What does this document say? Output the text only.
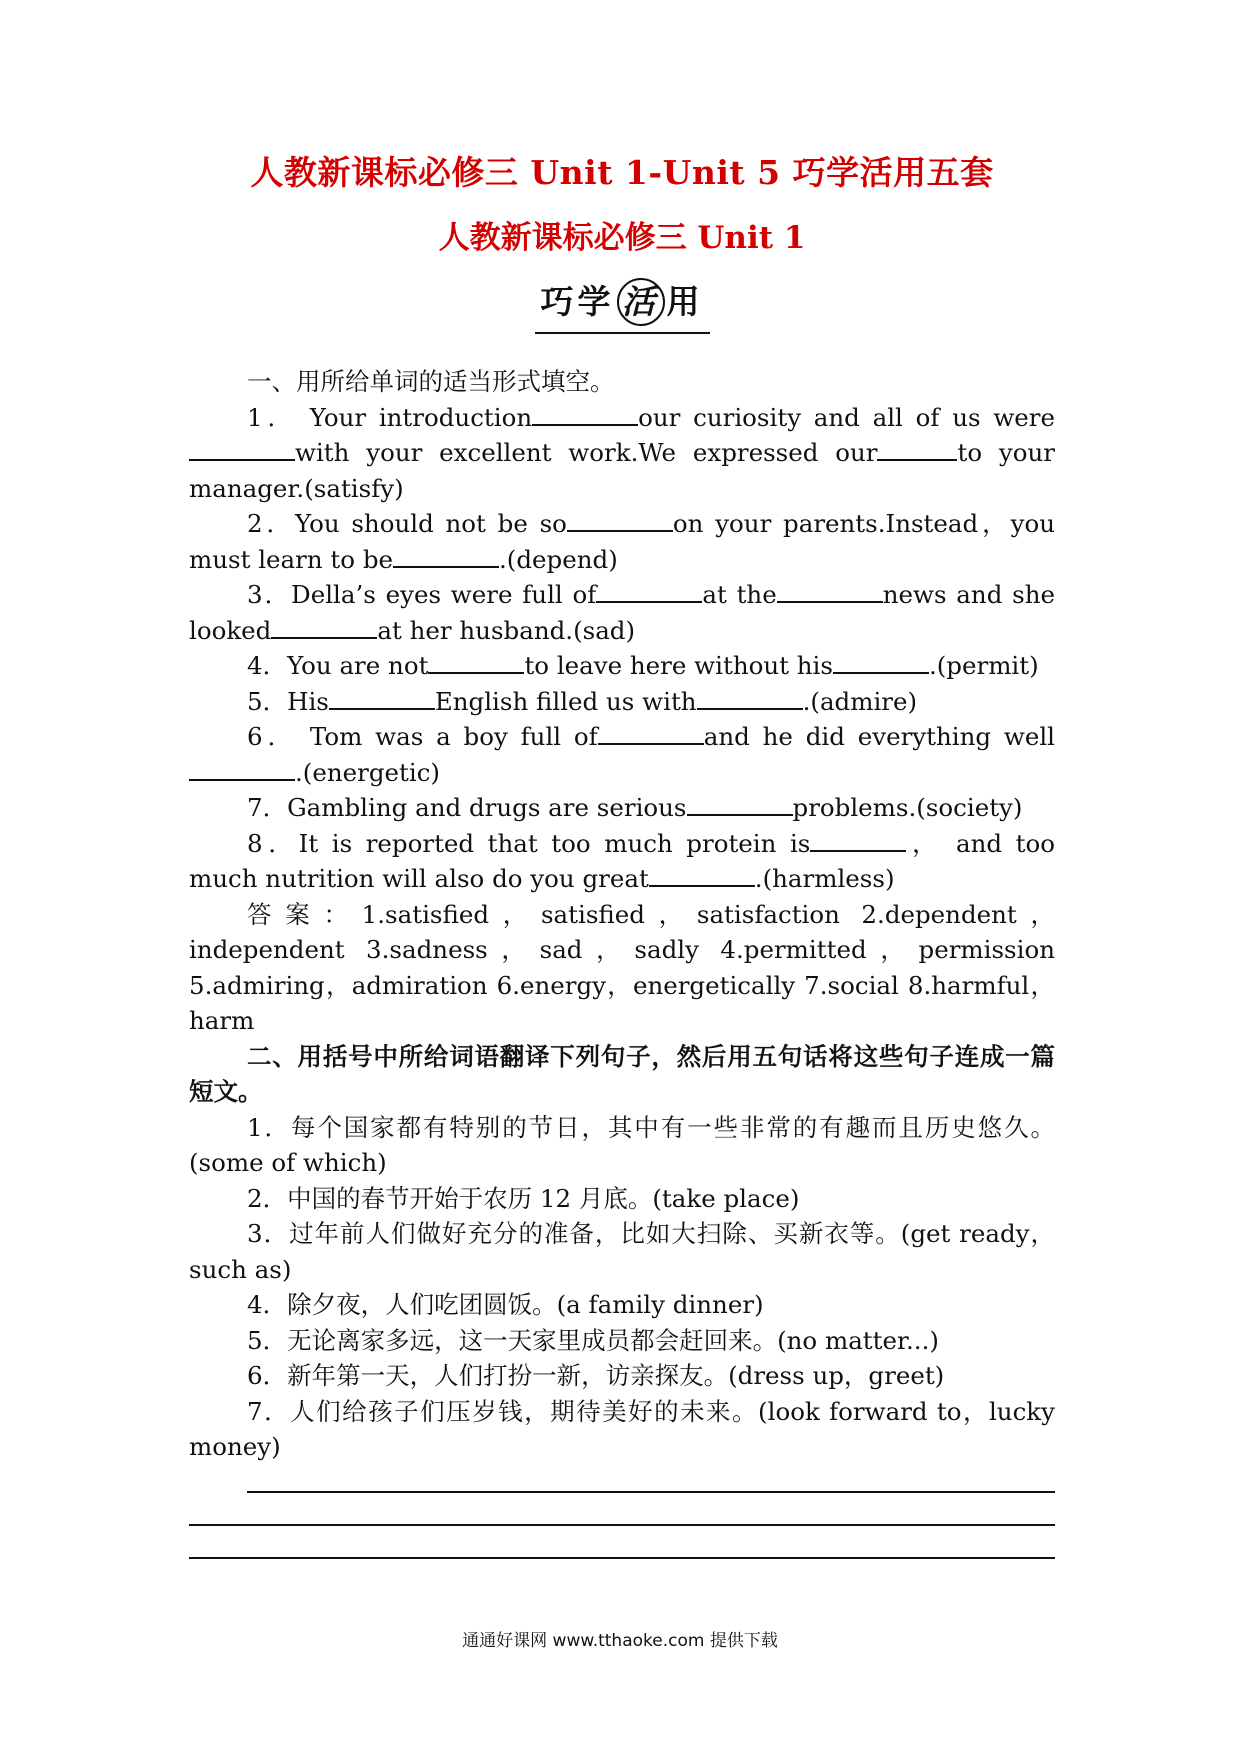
人教新课标必修三 Unit 1-Unit 5 巧学活用五套
人教新课标必修三 Unit 1
巧学 活 用

一、用所给单词的适当形式填空。

1． Your introduction	our curiosity and all of us werewith your excellent work.We expressed our	to your manager.(satisfy)

2．You should not be so	on your parents.Instead，you must learn to be	.(depend)

3．Della’s eyes were full of	at the	news and she looked	at her husband.(sad)

4．You are not	to leave here without his	.(permit)

5．His	English filled us with	.(admire)

6． Tom was a boy full of	and he did everything well.(energetic)

7．Gambling and drugs are serious	problems.(society)

8．It is reported that too much protein is	， and too much nutrition will also do you great	.(harmless)

答案：1.satisfied，satisfied，satisfaction 2.dependent，independent 3.sadness，sad，sadly 4.permitted，permission 5.admiring，admiration 6.energy，energetically 7.social 8.harmful，harm

二、用括号中所给词语翻译下列句子，然后用五句话将这些句子连成一篇短文。

1．每个国家都有特别的节日，其中有一些非常的有趣而且历史悠久。(some of which)

2．中国的春节开始于农历 12 月底。(take place)

3．过年前人们做好充分的准备，比如大扫除、买新衣等。(get ready，such as)

4．除夕夜，人们吃团圆饭。(a family dinner)

5．无论离家多远，这一天家里成员都会赶回来。(no matter...)

6．新年第一天，人们打扮一新，访亲探友。(dress up，greet)

7．人们给孩子们压岁钱，期待美好的未来。(look forward to，lucky money)

通通好课网 www.tthaoke.com 提供下载
